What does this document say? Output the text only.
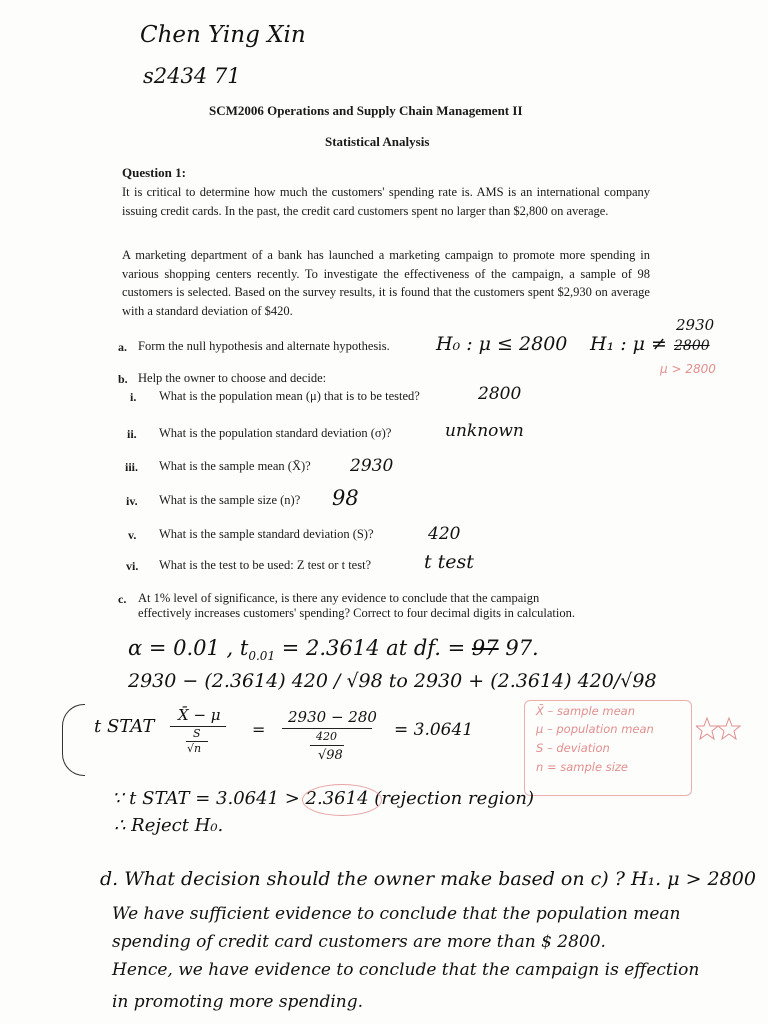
Chen Ying Xin
s2434 71
SCM2006 Operations and Supply Chain Management II
Statistical Analysis
Question 1:
It is critical to determine how much the customers' spending rate is. AMS is an international company issuing credit cards. In the past, the credit card customers spent no larger than $2,800 on average.
A marketing department of a bank has launched a marketing campaign to promote more spending in various shopping centers recently. To investigate the effectiveness of the campaign, a sample of 98 customers is selected. Based on the survey results, it is found that the customers spent $2,930 on average with a standard deviation of $420.
a. Form the null hypothesis and alternate hypothesis. H₀ : μ ≤ 2800 H₁ : μ ≠ 2800
2930
μ > 2800
b. Help the owner to choose and decide:
i. What is the population mean (μ) that is to be tested?	2800
ii. What is the population standard deviation (σ)?	unknown
iii. What is the sample mean (X̄)? 2930
iv. What is the sample size (n)? 98
v. What is the sample standard deviation (S)?	420
vi. What is the test to be used: Z test or t test?	t test
c. At 1% level of significance, is there any evidence to conclude that the campaign
effectively increases customers' spending? Correct to four decimal digits in calculation.
α = 0.01 , $t_{0.01} = 2.3614$ at df. = 97 97.
2930 − (2.3614) 420 / √98 to 2930 + (2.3614) 420/√98
t STAT
X̄ − μ
S
√n
=
2930 − 280
420
√98
= 3.0641
X̄ – sample mean
μ – population mean
S – deviation
n = sample size
∵ t STAT = 3.0641 > 2.3614 (rejection region)
∴ Reject H₀.
d. What decision should the owner make based on c) ? H₁. μ > 2800
We have sufficient evidence to conclude that the population mean
spending of credit card customers are more than $ 2800.
Hence, we have evidence to conclude that the campaign is effection
in promoting more spending.
